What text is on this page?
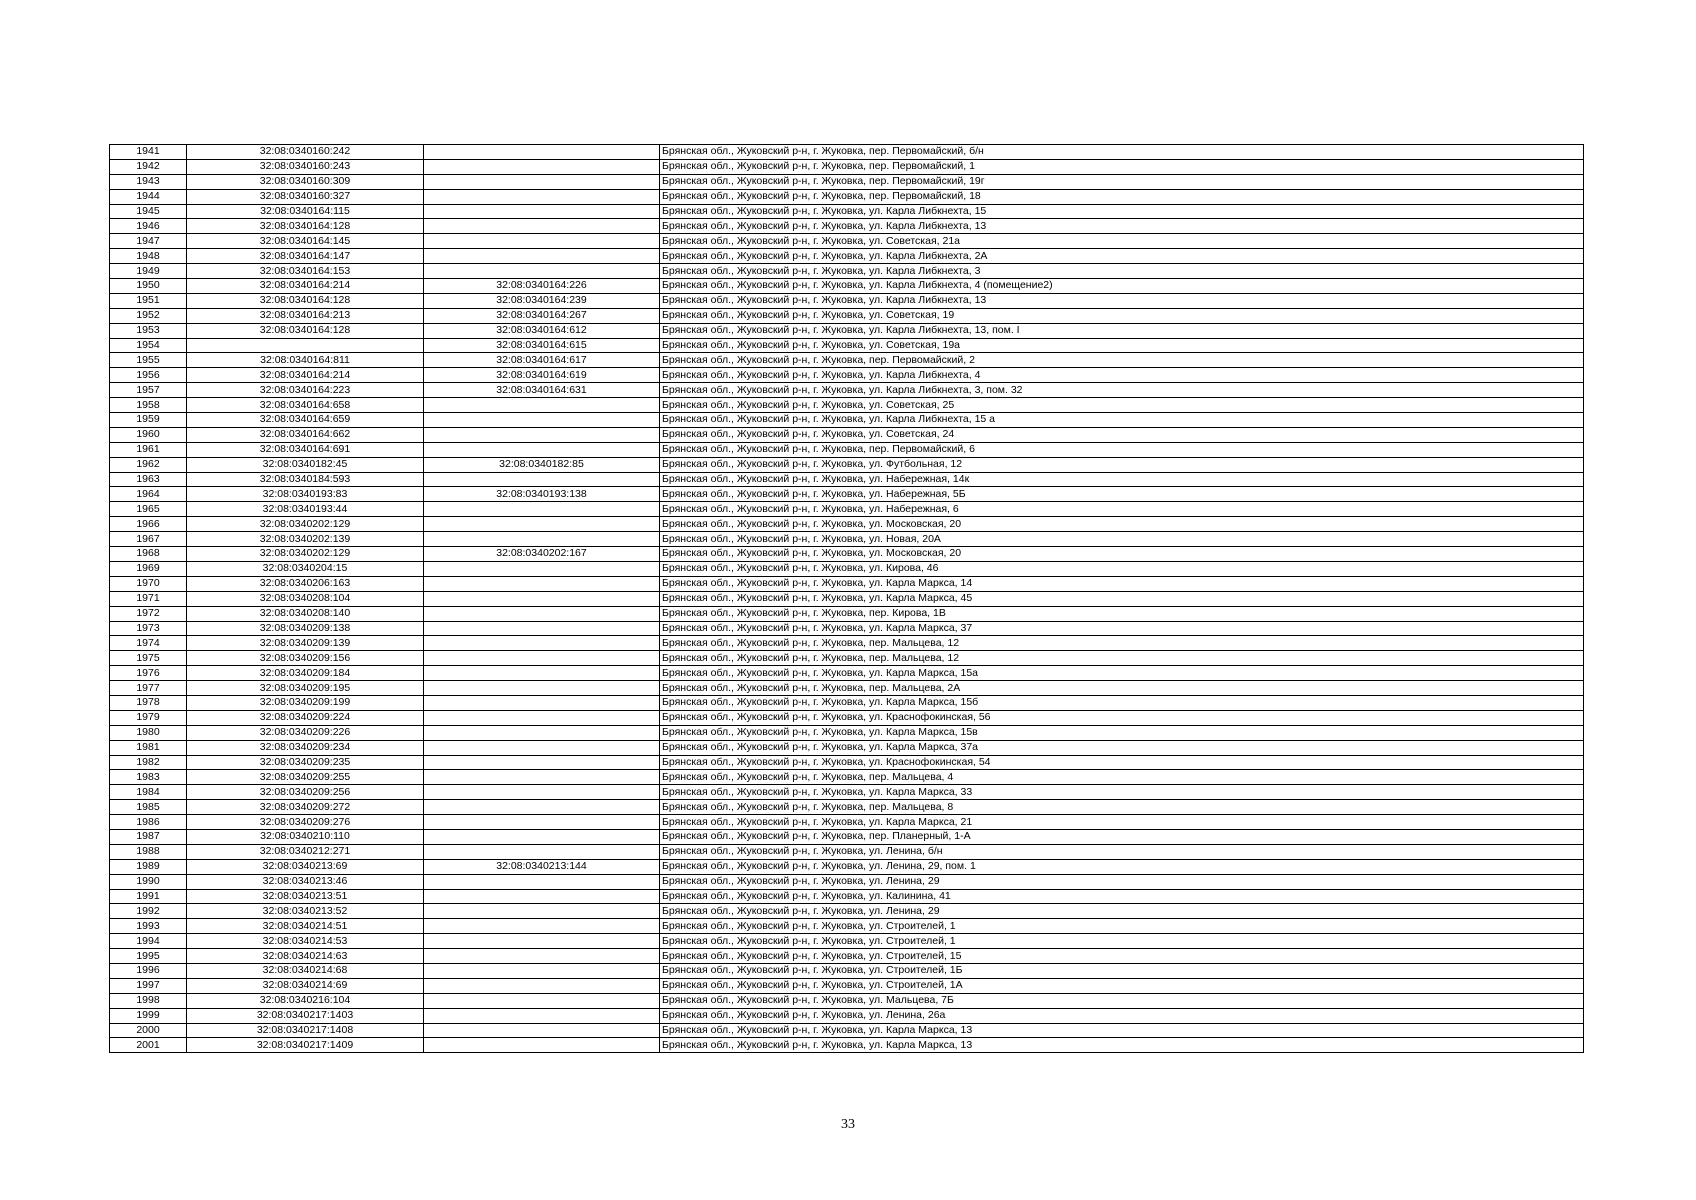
1941	32:08:0340160:242		Брянская обл., Жуковский р-н, г. Жуковка, пер. Первомайский, б/н
1942	32:08:0340160:243		Брянская обл., Жуковский р-н, г. Жуковка, пер. Первомайский, 1
1943	32:08:0340160:309		Брянская обл., Жуковский р-н, г. Жуковка, пер. Первомайский, 19г
1944	32:08:0340160:327		Брянская обл., Жуковский р-н, г. Жуковка, пер. Первомайский, 18
1945	32:08:0340164:115		Брянская обл., Жуковский р-н, г. Жуковка, ул. Карла Либкнехта, 15
1946	32:08:0340164:128		Брянская обл., Жуковский р-н, г. Жуковка, ул. Карла Либкнехта, 13
1947	32:08:0340164:145		Брянская обл., Жуковский р-н, г. Жуковка, ул. Советская, 21а
1948	32:08:0340164:147		Брянская обл., Жуковский р-н, г. Жуковка, ул. Карла Либкнехта, 2А
1949	32:08:0340164:153		Брянская обл., Жуковский р-н, г. Жуковка, ул. Карла Либкнехта, 3
1950	32:08:0340164:214	32:08:0340164:226	Брянская обл., Жуковский р-н, г. Жуковка, ул. Карла Либкнехта, 4 (помещение2)
1951	32:08:0340164:128	32:08:0340164:239	Брянская обл., Жуковский р-н, г. Жуковка, ул. Карла Либкнехта, 13
1952	32:08:0340164:213	32:08:0340164:267	Брянская обл., Жуковский р-н, г. Жуковка, ул. Советская, 19
1953	32:08:0340164:128	32:08:0340164:612	Брянская обл., Жуковский р-н, г. Жуковка, ул. Карла Либкнехта, 13, пом. I
1954		32:08:0340164:615	Брянская обл., Жуковский р-н, г. Жуковка, ул. Советская, 19а
1955	32:08:0340164:811	32:08:0340164:617	Брянская обл., Жуковский р-н, г. Жуковка, пер. Первомайский, 2
1956	32:08:0340164:214	32:08:0340164:619	Брянская обл., Жуковский р-н, г. Жуковка, ул. Карла Либкнехта, 4
1957	32:08:0340164:223	32:08:0340164:631	Брянская обл., Жуковский р-н, г. Жуковка, ул. Карла Либкнехта, 3, пом. 32
1958	32:08:0340164:658		Брянская обл., Жуковский р-н, г. Жуковка, ул. Советская, 25
1959	32:08:0340164:659		Брянская обл., Жуковский р-н, г. Жуковка, ул. Карла Либкнехта, 15 а
1960	32:08:0340164:662		Брянская обл., Жуковский р-н, г. Жуковка, ул. Советская, 24
1961	32:08:0340164:691		Брянская обл., Жуковский р-н, г. Жуковка, пер. Первомайский, 6
1962	32:08:0340182:45	32:08:0340182:85	Брянская обл., Жуковский р-н, г. Жуковка, ул. Футбольная, 12
1963	32:08:0340184:593		Брянская обл., Жуковский р-н, г. Жуковка, ул. Набережная, 14к
1964	32:08:0340193:83	32:08:0340193:138	Брянская обл., Жуковский р-н, г. Жуковка, ул. Набережная, 5Б
1965	32:08:0340193:44		Брянская обл., Жуковский р-н, г. Жуковка, ул. Набережная, 6
1966	32:08:0340202:129		Брянская обл., Жуковский р-н, г. Жуковка, ул. Московская, 20
1967	32:08:0340202:139		Брянская обл., Жуковский р-н, г. Жуковка, ул. Новая, 20А
1968	32:08:0340202:129	32:08:0340202:167	Брянская обл., Жуковский р-н, г. Жуковка, ул. Московская, 20
1969	32:08:0340204:15		Брянская обл., Жуковский р-н, г. Жуковка, ул. Кирова, 46
1970	32:08:0340206:163		Брянская обл., Жуковский р-н, г. Жуковка, ул. Карла Маркса, 14
1971	32:08:0340208:104		Брянская обл., Жуковский р-н, г. Жуковка, ул. Карла Маркса, 45
1972	32:08:0340208:140		Брянская обл., Жуковский р-н, г. Жуковка, пер. Кирова, 1В
1973	32:08:0340209:138		Брянская обл., Жуковский р-н, г. Жуковка, ул. Карла Маркса, 37
1974	32:08:0340209:139		Брянская обл., Жуковский р-н, г. Жуковка, пер. Мальцева, 12
1975	32:08:0340209:156		Брянская обл., Жуковский р-н, г. Жуковка, пер. Мальцева, 12
1976	32:08:0340209:184		Брянская обл., Жуковский р-н, г. Жуковка, ул. Карла Маркса, 15а
1977	32:08:0340209:195		Брянская обл., Жуковский р-н, г. Жуковка, пер. Мальцева, 2А
1978	32:08:0340209:199		Брянская обл., Жуковский р-н, г. Жуковка, ул. Карла Маркса, 15б
1979	32:08:0340209:224		Брянская обл., Жуковский р-н, г. Жуковка, ул. Краснофокинская, 56
1980	32:08:0340209:226		Брянская обл., Жуковский р-н, г. Жуковка, ул. Карла Маркса, 15в
1981	32:08:0340209:234		Брянская обл., Жуковский р-н, г. Жуковка, ул. Карла Маркса, 37а
1982	32:08:0340209:235		Брянская обл., Жуковский р-н, г. Жуковка, ул. Краснофокинская, 54
1983	32:08:0340209:255		Брянская обл., Жуковский р-н, г. Жуковка, пер. Мальцева, 4
1984	32:08:0340209:256		Брянская обл., Жуковский р-н, г. Жуковка, ул. Карла Маркса, 33
1985	32:08:0340209:272		Брянская обл., Жуковский р-н, г. Жуковка, пер. Мальцева, 8
1986	32:08:0340209:276		Брянская обл., Жуковский р-н, г. Жуковка, ул. Карла Маркса, 21
1987	32:08:0340210:110		Брянская обл., Жуковский р-н, г. Жуковка, пер. Планерный, 1-А
1988	32:08:0340212:271		Брянская обл., Жуковский р-н, г. Жуковка, ул. Ленина, б/н
1989	32:08:0340213:69	32:08:0340213:144	Брянская обл., Жуковский р-н, г. Жуковка, ул. Ленина, 29, пом. 1
1990	32:08:0340213:46		Брянская обл., Жуковский р-н, г. Жуковка, ул. Ленина, 29
1991	32:08:0340213:51		Брянская обл., Жуковский р-н, г. Жуковка, ул. Калинина, 41
1992	32:08:0340213:52		Брянская обл., Жуковский р-н, г. Жуковка, ул. Ленина, 29
1993	32:08:0340214:51		Брянская обл., Жуковский р-н, г. Жуковка, ул. Строителей, 1
1994	32:08:0340214:53		Брянская обл., Жуковский р-н, г. Жуковка, ул. Строителей, 1
1995	32:08:0340214:63		Брянская обл., Жуковский р-н, г. Жуковка, ул. Строителей, 15
1996	32:08:0340214:68		Брянская обл., Жуковский р-н, г. Жуковка, ул. Строителей, 1Б
1997	32:08:0340214:69		Брянская обл., Жуковский р-н, г. Жуковка, ул. Строителей, 1А
1998	32:08:0340216:104		Брянская обл., Жуковский р-н, г. Жуковка, ул. Мальцева, 7Б
1999	32:08:0340217:1403		Брянская обл., Жуковский р-н, г. Жуковка, ул. Ленина, 26а
2000	32:08:0340217:1408		Брянская обл., Жуковский р-н, г. Жуковка, ул. Карла Маркса, 13
2001	32:08:0340217:1409		Брянская обл., Жуковский р-н, г. Жуковка, ул. Карла Маркса, 13
33
